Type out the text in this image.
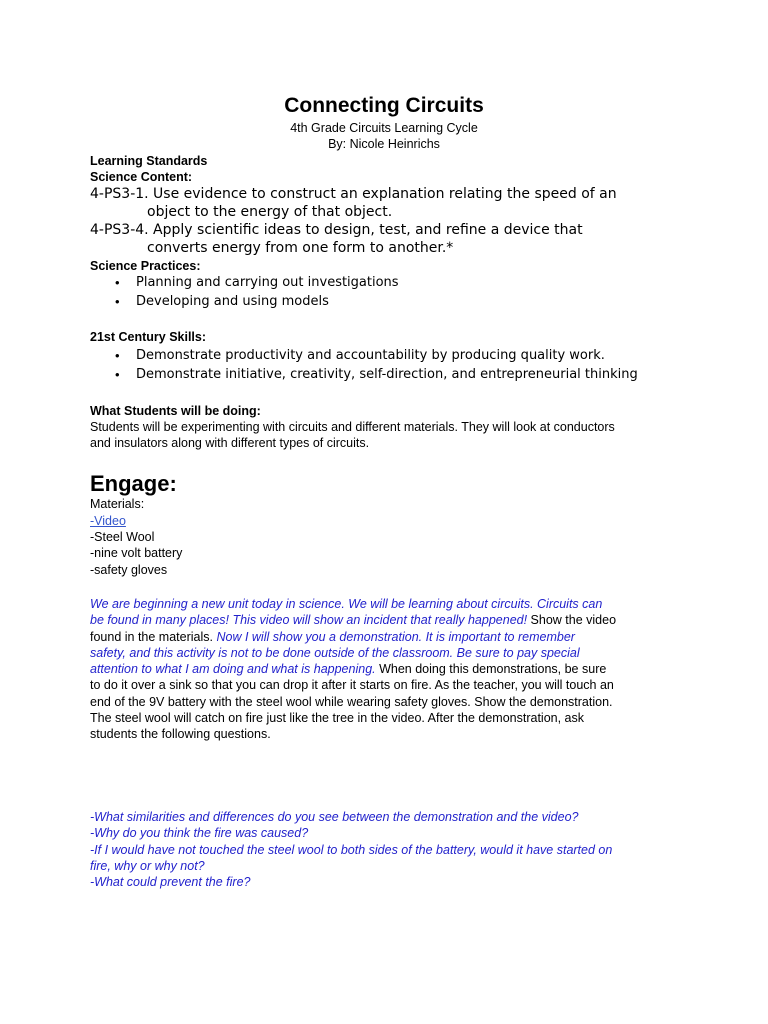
Connecting Circuits
4th Grade Circuits Learning Cycle
By: Nicole Heinrichs
Learning Standards
Science Content:
4-PS3-1. Use evidence to construct an explanation relating the speed of an
object to the energy of that object.
4-PS3-4. Apply scientific ideas to design, test, and refine a device that
converts energy from one form to another.*
Science Practices:
• Planning and carrying out investigations
• Developing and using models
21st Century Skills:
• Demonstrate productivity and accountability by producing quality work.
• Demonstrate initiative, creativity, self-direction, and entrepreneurial thinking
What Students will be doing:
Students will be experimenting with circuits and different materials. They will look at conductors
and insulators along with different types of circuits.
Engage:
Materials:
-Video
-Steel Wool
-nine volt battery
-safety gloves
We are beginning a new unit today in science. We will be learning about circuits. Circuits can
be found in many places! This video will show an incident that really happened! Show the video
found in the materials. Now I will show you a demonstration. It is important to remember
safety, and this activity is not to be done outside of the classroom. Be sure to pay special
attention to what I am doing and what is happening. When doing this demonstrations, be sure
to do it over a sink so that you can drop it after it starts on fire. As the teacher, you will touch an
end of the 9V battery with the steel wool while wearing safety gloves. Show the demonstration.
The steel wool will catch on fire just like the tree in the video. After the demonstration, ask
students the following questions.
-What similarities and differences do you see between the demonstration and the video?
-Why do you think the fire was caused?
-If I would have not touched the steel wool to both sides of the battery, would it have started on
fire, why or why not?
-What could prevent the fire?
